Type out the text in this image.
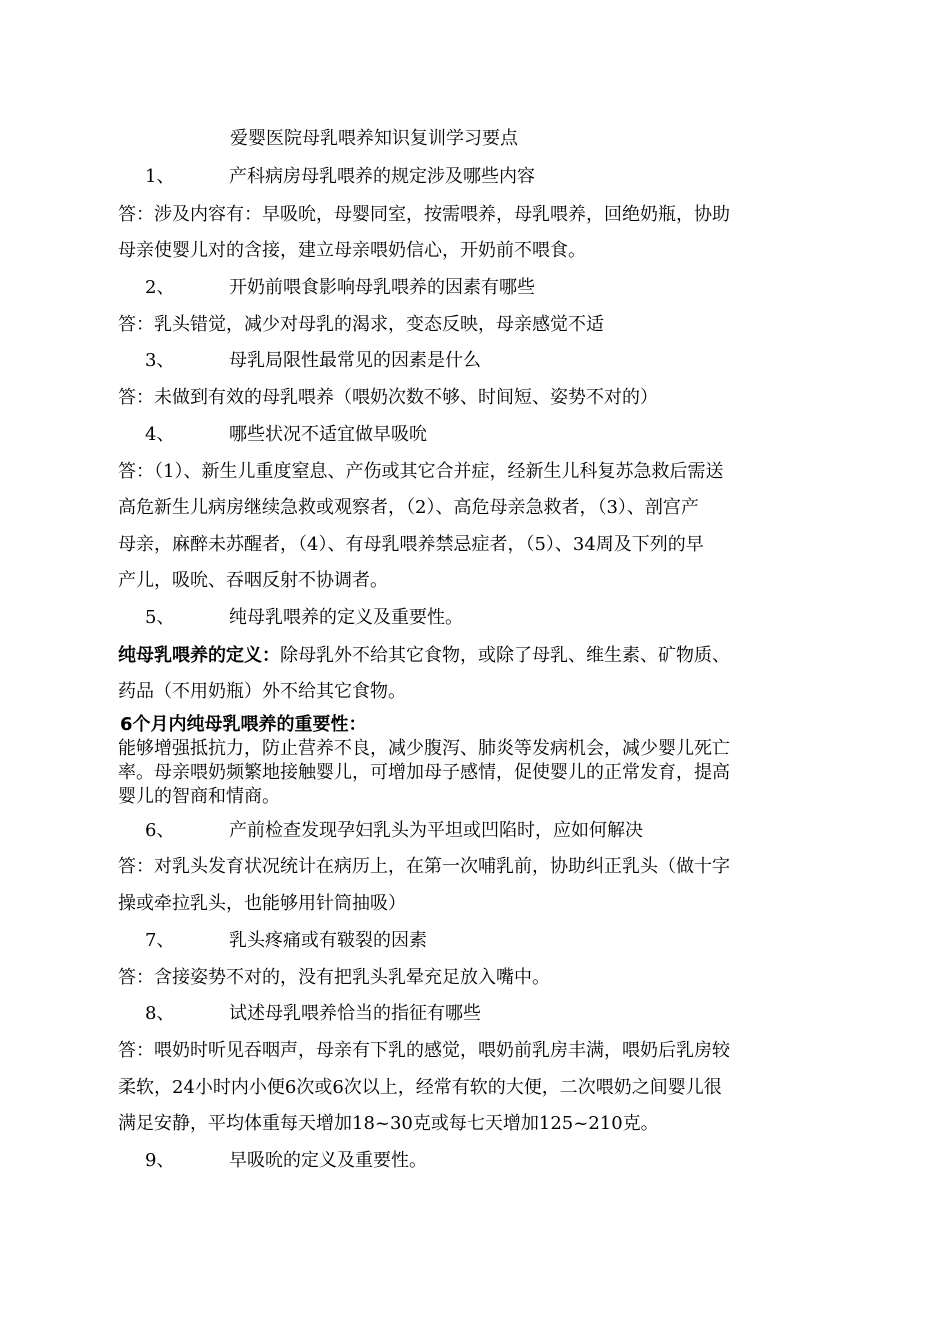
爱婴医院母乳喂养知识复训学习要点
1、	产科病房母乳喂养的规定涉及哪些内容
答：涉及内容有：早吸吮，母婴同室，按需喂养，母乳喂养，回绝奶瓶，协助
母亲使婴儿对的含接，建立母亲喂奶信心，开奶前不喂食。
2、	开奶前喂食影响母乳喂养的因素有哪些
答：乳头错觉，减少对母乳的渴求，变态反映，母亲感觉不适
3、	母乳局限性最常见的因素是什么
答：未做到有效的母乳喂养（喂奶次数不够、时间短、姿势不对的）
4、	哪些状况不适宜做早吸吮
答：（1）、新生儿重度窒息、产伤或其它合并症，经新生儿科复苏急救后需送
高危新生儿病房继续急救或观察者，（2）、高危母亲急救者，（3）、剖宫产
母亲，麻醉未苏醒者，（4）、有母乳喂养禁忌症者，（5）、34周及下列的早
产儿，吸吮、吞咽反射不协调者。
5、	纯母乳喂养的定义及重要性。
纯母乳喂养的定义：除母乳外不给其它食物，或除了母乳、维生素、矿物质、
药品（不用奶瓶）外不给其它食物。
6个月内纯母乳喂养的重要性：
能够增强抵抗力，防止营养不良，减少腹泻、肺炎等发病机会，减少婴儿死亡
率。母亲喂奶频繁地接触婴儿，可增加母子感情，促使婴儿的正常发育，提高
婴儿的智商和情商。
6、	产前检查发现孕妇乳头为平坦或凹陷时，应如何解决
答：对乳头发育状况统计在病历上，在第一次哺乳前，协助纠正乳头（做十字
操或牵拉乳头，也能够用针筒抽吸）
7、	乳头疼痛或有皲裂的因素
答：含接姿势不对的，没有把乳头乳晕充足放入嘴中。
8、	试述母乳喂养恰当的指征有哪些
答：喂奶时听见吞咽声，母亲有下乳的感觉，喂奶前乳房丰满，喂奶后乳房较
柔软，24小时内小便6次或6次以上，经常有软的大便，二次喂奶之间婴儿很
满足安静，平均体重每天增加18~30克或每七天增加125~210克。
9、	早吸吮的定义及重要性。
